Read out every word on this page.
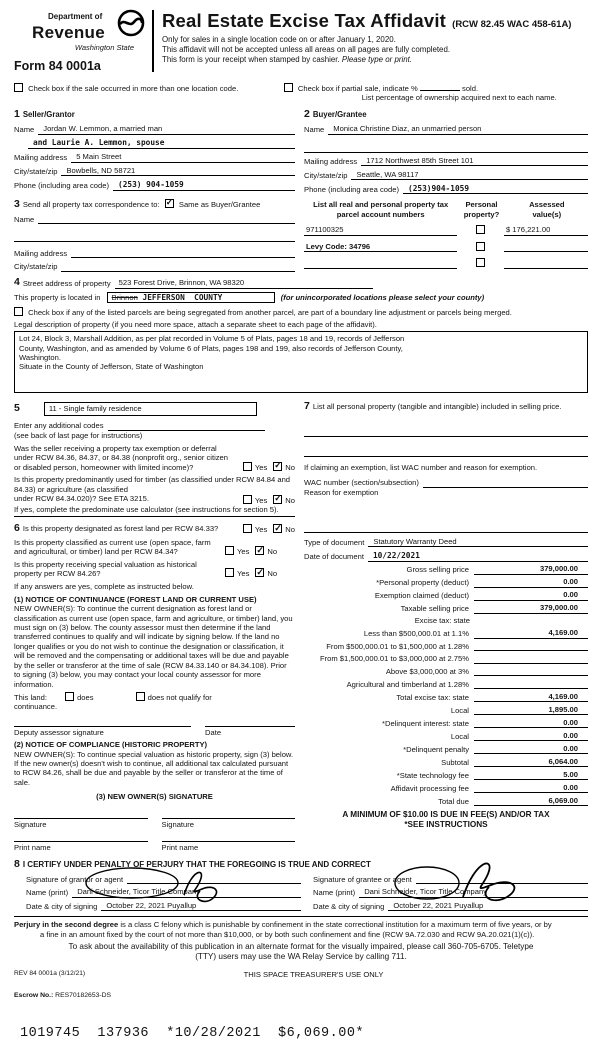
Department of
Revenue
Washington State
Form 84 0001a
Real Estate Excise Tax Affidavit (RCW 82.45 WAC 458-61A)
Only for sales in a single location code on or after January 1, 2020.
This affidavit will not be accepted unless all areas on all pages are fully completed.
This form is your receipt when stamped by cashier. Please type or print.
Check box if the sale occurred in more than one location code.	Check box if partial sale, indicate %	sold.
List percentage of ownership acquired next to each name.
1 Seller/Grantor
Name	Jordan W. Lemmon, a married man
and Laurie A. Lemmon, spouse
Mailing address	5 Main Street
City/state/zip	Bowbells, ND 58721
Phone (including area code)	(253) 904-1059
3 Send all property tax correspondence to: ✓	Same as Buyer/Grantee
Name
Mailing address
City/state/zip
2 Buyer/Grantee
Name	Monica Christine Diaz, an unmarried person
Mailing address	1712 Northwest 85th Street 101
City/state/zip	Seattle, WA 98117
Phone (including area code)	(253)904-1059
List all real and personal property tax
parcel account numbers
Personal
property?
Assessed
value(s)
971100325	$ 176,221.00
Levy Code: 34796
4 Street address of property	523 Forest Drive, Brinnon, WA 98320
This property is located in Brinnon JEFFERSON  COUNTY	(for unincorporated locations please select your county)
Check box if any of the listed parcels are being segregated from another parcel, are part of a boundary line adjustment or parcels being merged.
Legal description of property (if you need more space, attach a separate sheet to each page of the affidavit).
Lot 24, Block 3, Marshall Addition, as per plat recorded in Volume 5 of Plats, pages 18 and 19, records of Jefferson
County, Washington, and as amended by Volume 6 of Plats, pages 198 and 199, also records of Jefferson County,
Washington.
Situate in the County of Jefferson, State of Washington
5	11 - Single family residence
Enter any additional codes
(see back of last page for instructions)
Was the seller receiving a property tax exemption or deferral under RCW 84.36, 84.37, or 84.38 (nonprofit org., senior citizen or disabled person, homeowner with limited income)?	Yes ✓ No
Is this property predominantly used for timber (as classified under RCW 84.84 and 84.33) or agriculture (as classified
under RCW 84.34.020)? See ETA 3215.	Yes ✓ No
If yes, complete the predominate use calculator (see instructions for section 5).
6 Is this property designated as forest land per RCW 84.33?	Yes ✓ No
Is this property classified as current use (open space, farm and agricultural, or timber) land per RCW 84.34?	Yes ✓ No
Is this property receiving special valuation as historical property per RCW 84.26?	Yes ✓ No
If any answers are yes, complete as instructed below.
(1) NOTICE OF CONTINUANCE (FOREST LAND OR CURRENT USE)
NEW OWNER(S): To continue the current designation as forest land or classification as current use (open space, farm and agriculture, or timber) land, you must sign on (3) below. The county assessor must then determine if the land transferred continues to qualify and will indicate by signing below. If the land no longer qualifies or you do not wish to continue the designation or classification, it will be removed and the compensating or additional taxes will be due and payable by the seller or transferor at the time of sale (RCW 84.33.140 or 84.34.108). Prior to signing (3) below, you may contact your local county assessor for more information.
This land:	does	does not qualify for
continuance.
Deputy assessor signature	Date
(2) NOTICE OF COMPLIANCE (HISTORIC PROPERTY)
NEW OWNER(S): To continue special valuation as historic property, sign (3) below. If the new owner(s) doesn't wish to continue, all additional tax calculated pursuant to RCW 84.26, shall be due and payable by the seller or transferor at the time of sale.
(3) NEW OWNER(S) SIGNATURE
Signature	Signature
Print name	Print name
7 List all personal property (tangible and intangible) included in selling price.
If claiming an exemption, list WAC number and reason for exemption.
WAC number (section/subsection)
Reason for exemption
Type of document	Statutory Warranty Deed
Date of document	10/22/2021
Gross selling price	379,000.00
*Personal property (deduct)	0.00
Exemption claimed (deduct)	0.00
Taxable selling price	379,000.00
Excise tax: state
Less than $500,000.01 at 1.1%	4,169.00
From $500,000.01 to $1,500,000 at 1.28%
From $1,500,000.01 to $3,000,000 at 2.75%
Above $3,000,000 at 3%
Agricultural and timberland at 1.28%
Total excise tax: state	4,169.00
Local	1,895.00
*Delinquent interest: state	0.00
Local	0.00
*Delinquent penalty	0.00
Subtotal	6,064.00
*State technology fee	5.00
Affidavit processing fee	0.00
Total due	6,069.00
A MINIMUM OF $10.00 IS DUE IN FEE(S) AND/OR TAX
*SEE INSTRUCTIONS
8 I CERTIFY UNDER PENALTY OF PERJURY THAT THE FOREGOING IS TRUE AND CORRECT
Signature of grantor or agent
Name (print)	Dani Schneider, Ticor Title Company
Date & city of signing	October 22, 2021 Puyallup
Signature of grantee or agent
Name (print)	Dani Schneider, Ticor Title Company
Date & city of signing	October 22, 2021 Puyallup
Perjury in the second degree is a class C felony which is punishable by confinement in the state correctional institution for a maximum term of five years, or by
a fine in an amount fixed by the court of not more than $10,000, or by both such confinement and fine (RCW 9A.72.030 and RCW 9A.20.021(1)(c)).
To ask about the availability of this publication in an alternate format for the visually impaired, please call 360-705-6705. Teletype
(TTY) users may use the WA Relay Service by calling 711.
REV 84 0001a (3/12/21)	THIS SPACE TREASURER'S USE ONLY
Escrow No.: RES70182653-DS
1019745  137936  *10/28/2021  $6,069.00*
